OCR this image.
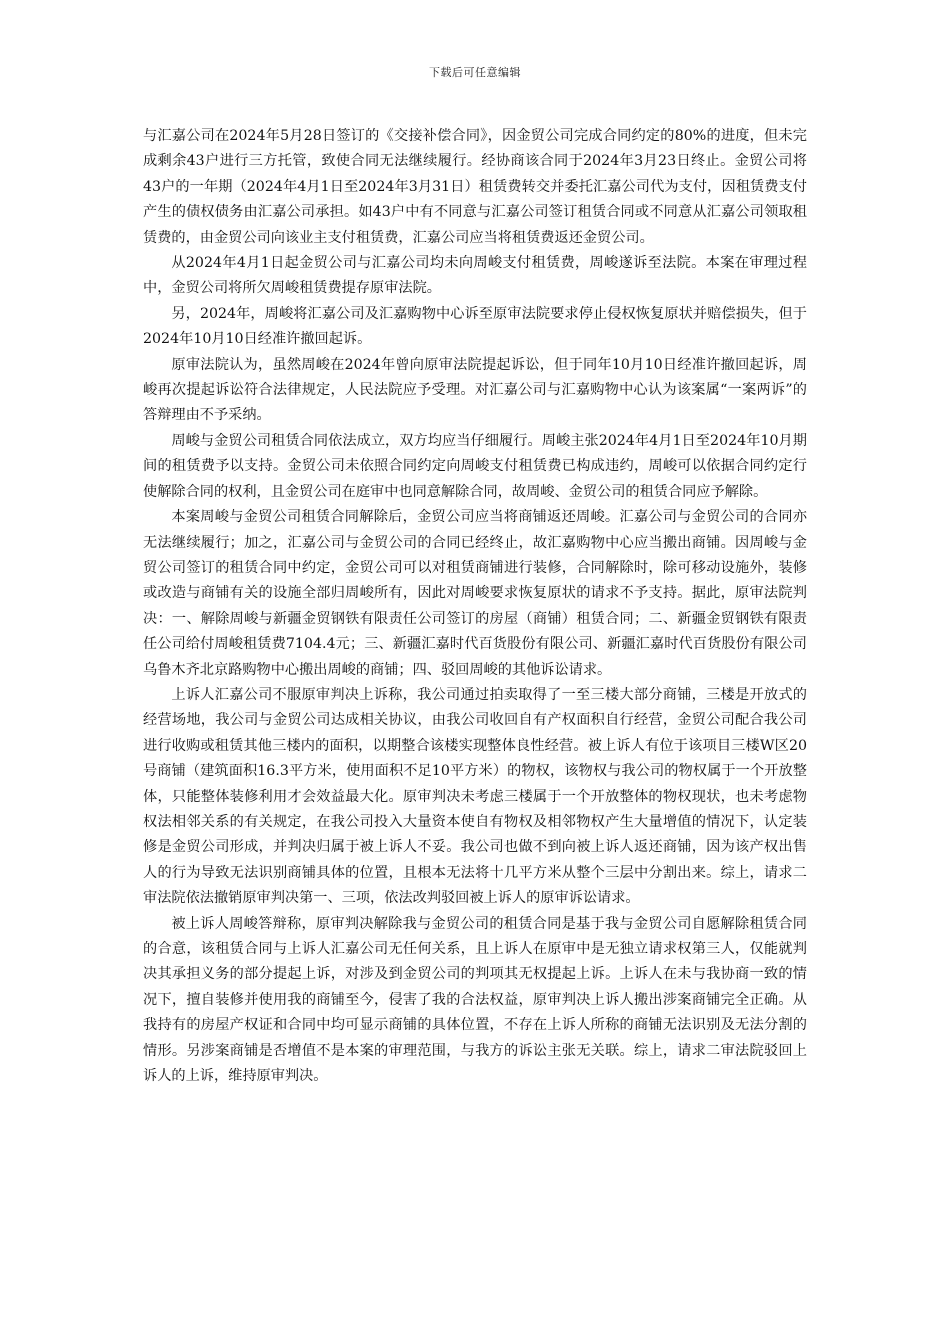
下载后可任意编辑

与汇嘉公司在2024年5月28日签订的《交接补偿合同》，因金贸公司完成合同约定的80%的进度，但未完成剩余43户进行三方托管，致使合同无法继续履行。经协商该合同于2024年3月23日终止。金贸公司将43户的一年期（2024年4月1日至2024年3月31日）租赁费转交并委托汇嘉公司代为支付，因租赁费支付产生的债权债务由汇嘉公司承担。如43户中有不同意与汇嘉公司签订租赁合同或不同意从汇嘉公司领取租赁费的，由金贸公司向该业主支付租赁费，汇嘉公司应当将租赁费返还金贸公司。

从2024年4月1日起金贸公司与汇嘉公司均未向周峻支付租赁费，周峻遂诉至法院。本案在审理过程中，金贸公司将所欠周峻租赁费提存原审法院。

另，2024年，周峻将汇嘉公司及汇嘉购物中心诉至原审法院要求停止侵权恢复原状并赔偿损失，但于2024年10月10日经准许撤回起诉。

原审法院认为，虽然周峻在2024年曾向原审法院提起诉讼，但于同年10月10日经准许撤回起诉，周峻再次提起诉讼符合法律规定，人民法院应予受理。对汇嘉公司与汇嘉购物中心认为该案属“一案两诉”的答辩理由不予采纳。

周峻与金贸公司租赁合同依法成立，双方均应当仔细履行。周峻主张2024年4月1日至2024年10月期间的租赁费予以支持。金贸公司未依照合同约定向周峻支付租赁费已构成违约，周峻可以依据合同约定行使解除合同的权利，且金贸公司在庭审中也同意解除合同，故周峻、金贸公司的租赁合同应予解除。

本案周峻与金贸公司租赁合同解除后，金贸公司应当将商铺返还周峻。汇嘉公司与金贸公司的合同亦无法继续履行；加之，汇嘉公司与金贸公司的合同已经终止，故汇嘉购物中心应当搬出商铺。因周峻与金贸公司签订的租赁合同中约定，金贸公司可以对租赁商铺进行装修，合同解除时，除可移动设施外，装修或改造与商铺有关的设施全部归周峻所有，因此对周峻要求恢复原状的请求不予支持。据此，原审法院判决：一、解除周峻与新疆金贸钢铁有限责任公司签订的房屋（商铺）租赁合同；二、新疆金贸钢铁有限责任公司给付周峻租赁费7104.4元；三、新疆汇嘉时代百货股份有限公司、新疆汇嘉时代百货股份有限公司乌鲁木齐北京路购物中心搬出周峻的商铺；四、驳回周峻的其他诉讼请求。

上诉人汇嘉公司不服原审判决上诉称，我公司通过拍卖取得了一至三楼大部分商铺，三楼是开放式的经营场地，我公司与金贸公司达成相关协议，由我公司收回自有产权面积自行经营，金贸公司配合我公司进行收购或租赁其他三楼内的面积，以期整合该楼实现整体良性经营。被上诉人有位于该项目三楼W区20号商铺（建筑面积16.3平方米，使用面积不足10平方米）的物权，该物权与我公司的物权属于一个开放整体，只能整体装修利用才会效益最大化。原审判决未考虑三楼属于一个开放整体的物权现状，也未考虑物权法相邻关系的有关规定，在我公司投入大量资本使自有物权及相邻物权产生大量增值的情况下，认定装修是金贸公司形成，并判决归属于被上诉人不妥。我公司也做不到向被上诉人返还商铺，因为该产权出售人的行为导致无法识别商铺具体的位置，且根本无法将十几平方米从整个三层中分割出来。综上，请求二审法院依法撤销原审判决第一、三项，依法改判驳回被上诉人的原审诉讼请求。

被上诉人周峻答辩称，原审判决解除我与金贸公司的租赁合同是基于我与金贸公司自愿解除租赁合同的合意，该租赁合同与上诉人汇嘉公司无任何关系，且上诉人在原审中是无独立请求权第三人，仅能就判决其承担义务的部分提起上诉，对涉及到金贸公司的判项其无权提起上诉。上诉人在未与我协商一致的情况下，擅自装修并使用我的商铺至今，侵害了我的合法权益，原审判决上诉人搬出涉案商铺完全正确。从我持有的房屋产权证和合同中均可显示商铺的具体位置，不存在上诉人所称的商铺无法识别及无法分割的情形。另涉案商铺是否增值不是本案的审理范围，与我方的诉讼主张无关联。综上，请求二审法院驳回上诉人的上诉，维持原审判决。
